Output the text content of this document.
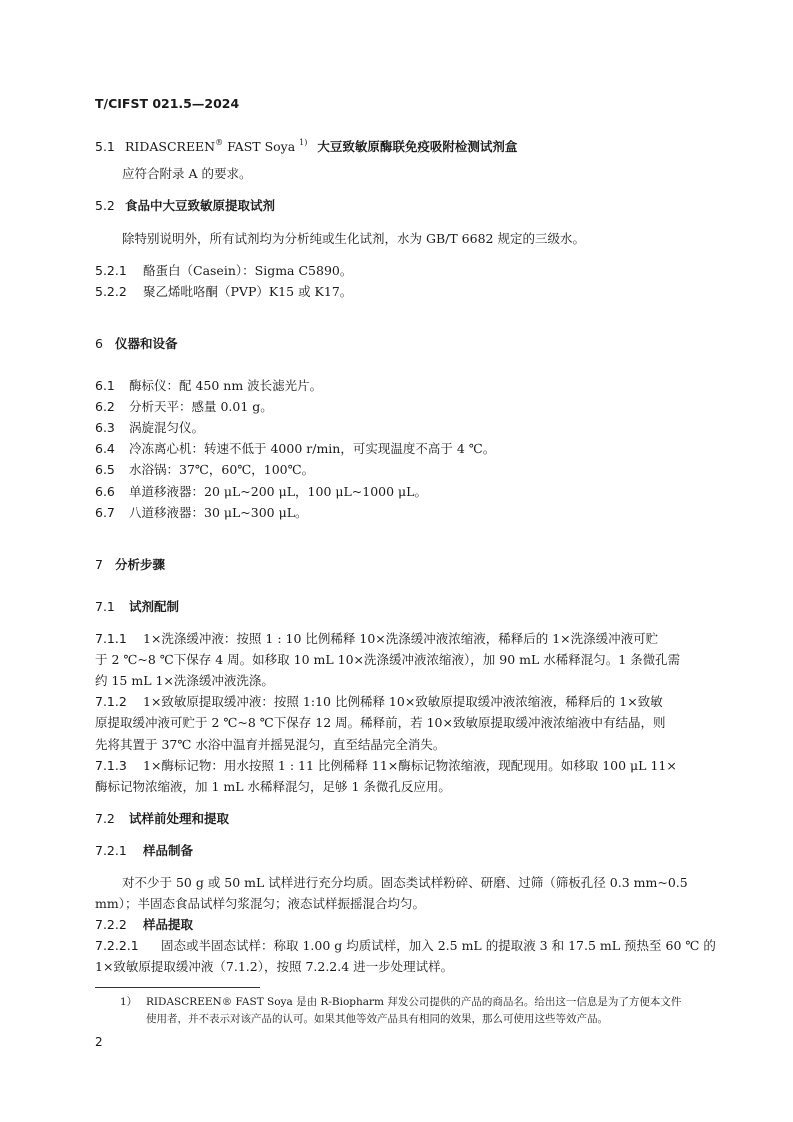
T/CIFST 021.5—2024
5.1 RIDASCREEN® FAST Soya $^{1)}$ 大豆致敏原酶联免疫吸附检测试剂盒
应符合附录 A 的要求。
5.2 食品中大豆致敏原提取试剂
除特别说明外，所有试剂均为分析纯或生化试剂，水为 GB/T 6682 规定的三级水。
5.2.1 酪蛋白（Casein）：Sigma C5890。
5.2.2 聚乙烯吡咯酮（PVP）K15 或 K17。
6 仪器和设备
6.1 酶标仪：配 450 nm 波长滤光片。
6.2 分析天平：感量 0.01 g。
6.3 涡旋混匀仪。
6.4 冷冻离心机：转速不低于 4000 r/min，可实现温度不高于 4 ℃。
6.5 水浴锅：37℃，60℃，100℃。
6.6 单道移液器：20 μL~200 μL，100 μL~1000 μL。
6.7 八道移液器：30 μL~300 μL。
7 分析步骤
7.1 试剂配制
7.1.1 1×洗涤缓冲液：按照 1 : 10 比例稀释 10×洗涤缓冲液浓缩液，稀释后的 1×洗涤缓冲液可贮
于 2 ℃~8 ℃下保存 4 周。如移取 10 mL 10×洗涤缓冲液浓缩液），加 90 mL 水稀释混匀。1 条微孔需
约 15 mL 1×洗涤缓冲液洗涤。
7.1.2 1×致敏原提取缓冲液：按照 1:10 比例稀释 10×致敏原提取缓冲液浓缩液，稀释后的 1×致敏
原提取缓冲液可贮于 2 ℃~8 ℃下保存 12 周。稀释前，若 10×致敏原提取缓冲液浓缩液中有结晶，则
先将其置于 37℃ 水浴中温育并摇晃混匀，直至结晶完全消失。
7.1.3 1×酶标记物：用水按照 1 : 11 比例稀释 11×酶标记物浓缩液，现配现用。如移取 100 μL 11×
酶标记物浓缩液，加 1 mL 水稀释混匀，足够 1 条微孔反应用。
7.2 试样前处理和提取
7.2.1 样品制备
对不少于 50 g 或 50 mL 试样进行充分均质。固态类试样粉碎、研磨、过筛（筛板孔径 0.3 mm~0.5
mm）；半固态食品试样匀浆混匀；液态试样振摇混合均匀。
7.2.2 样品提取
7.2.2.1 固态或半固态试样：称取 1.00 g 均质试样，加入 2.5 mL 的提取液 3 和 17.5 mL 预热至 60 ℃ 的
1×致敏原提取缓冲液（7.1.2），按照 7.2.2.4 进一步处理试样。
1） RIDASCREEN® FAST Soya 是由 R-Biopharm 拜发公司提供的产品的商品名。给出这一信息是为了方便本文件
使用者，并不表示对该产品的认可。如果其他等效产品具有相同的效果，那么可使用这些等效产品。
2
